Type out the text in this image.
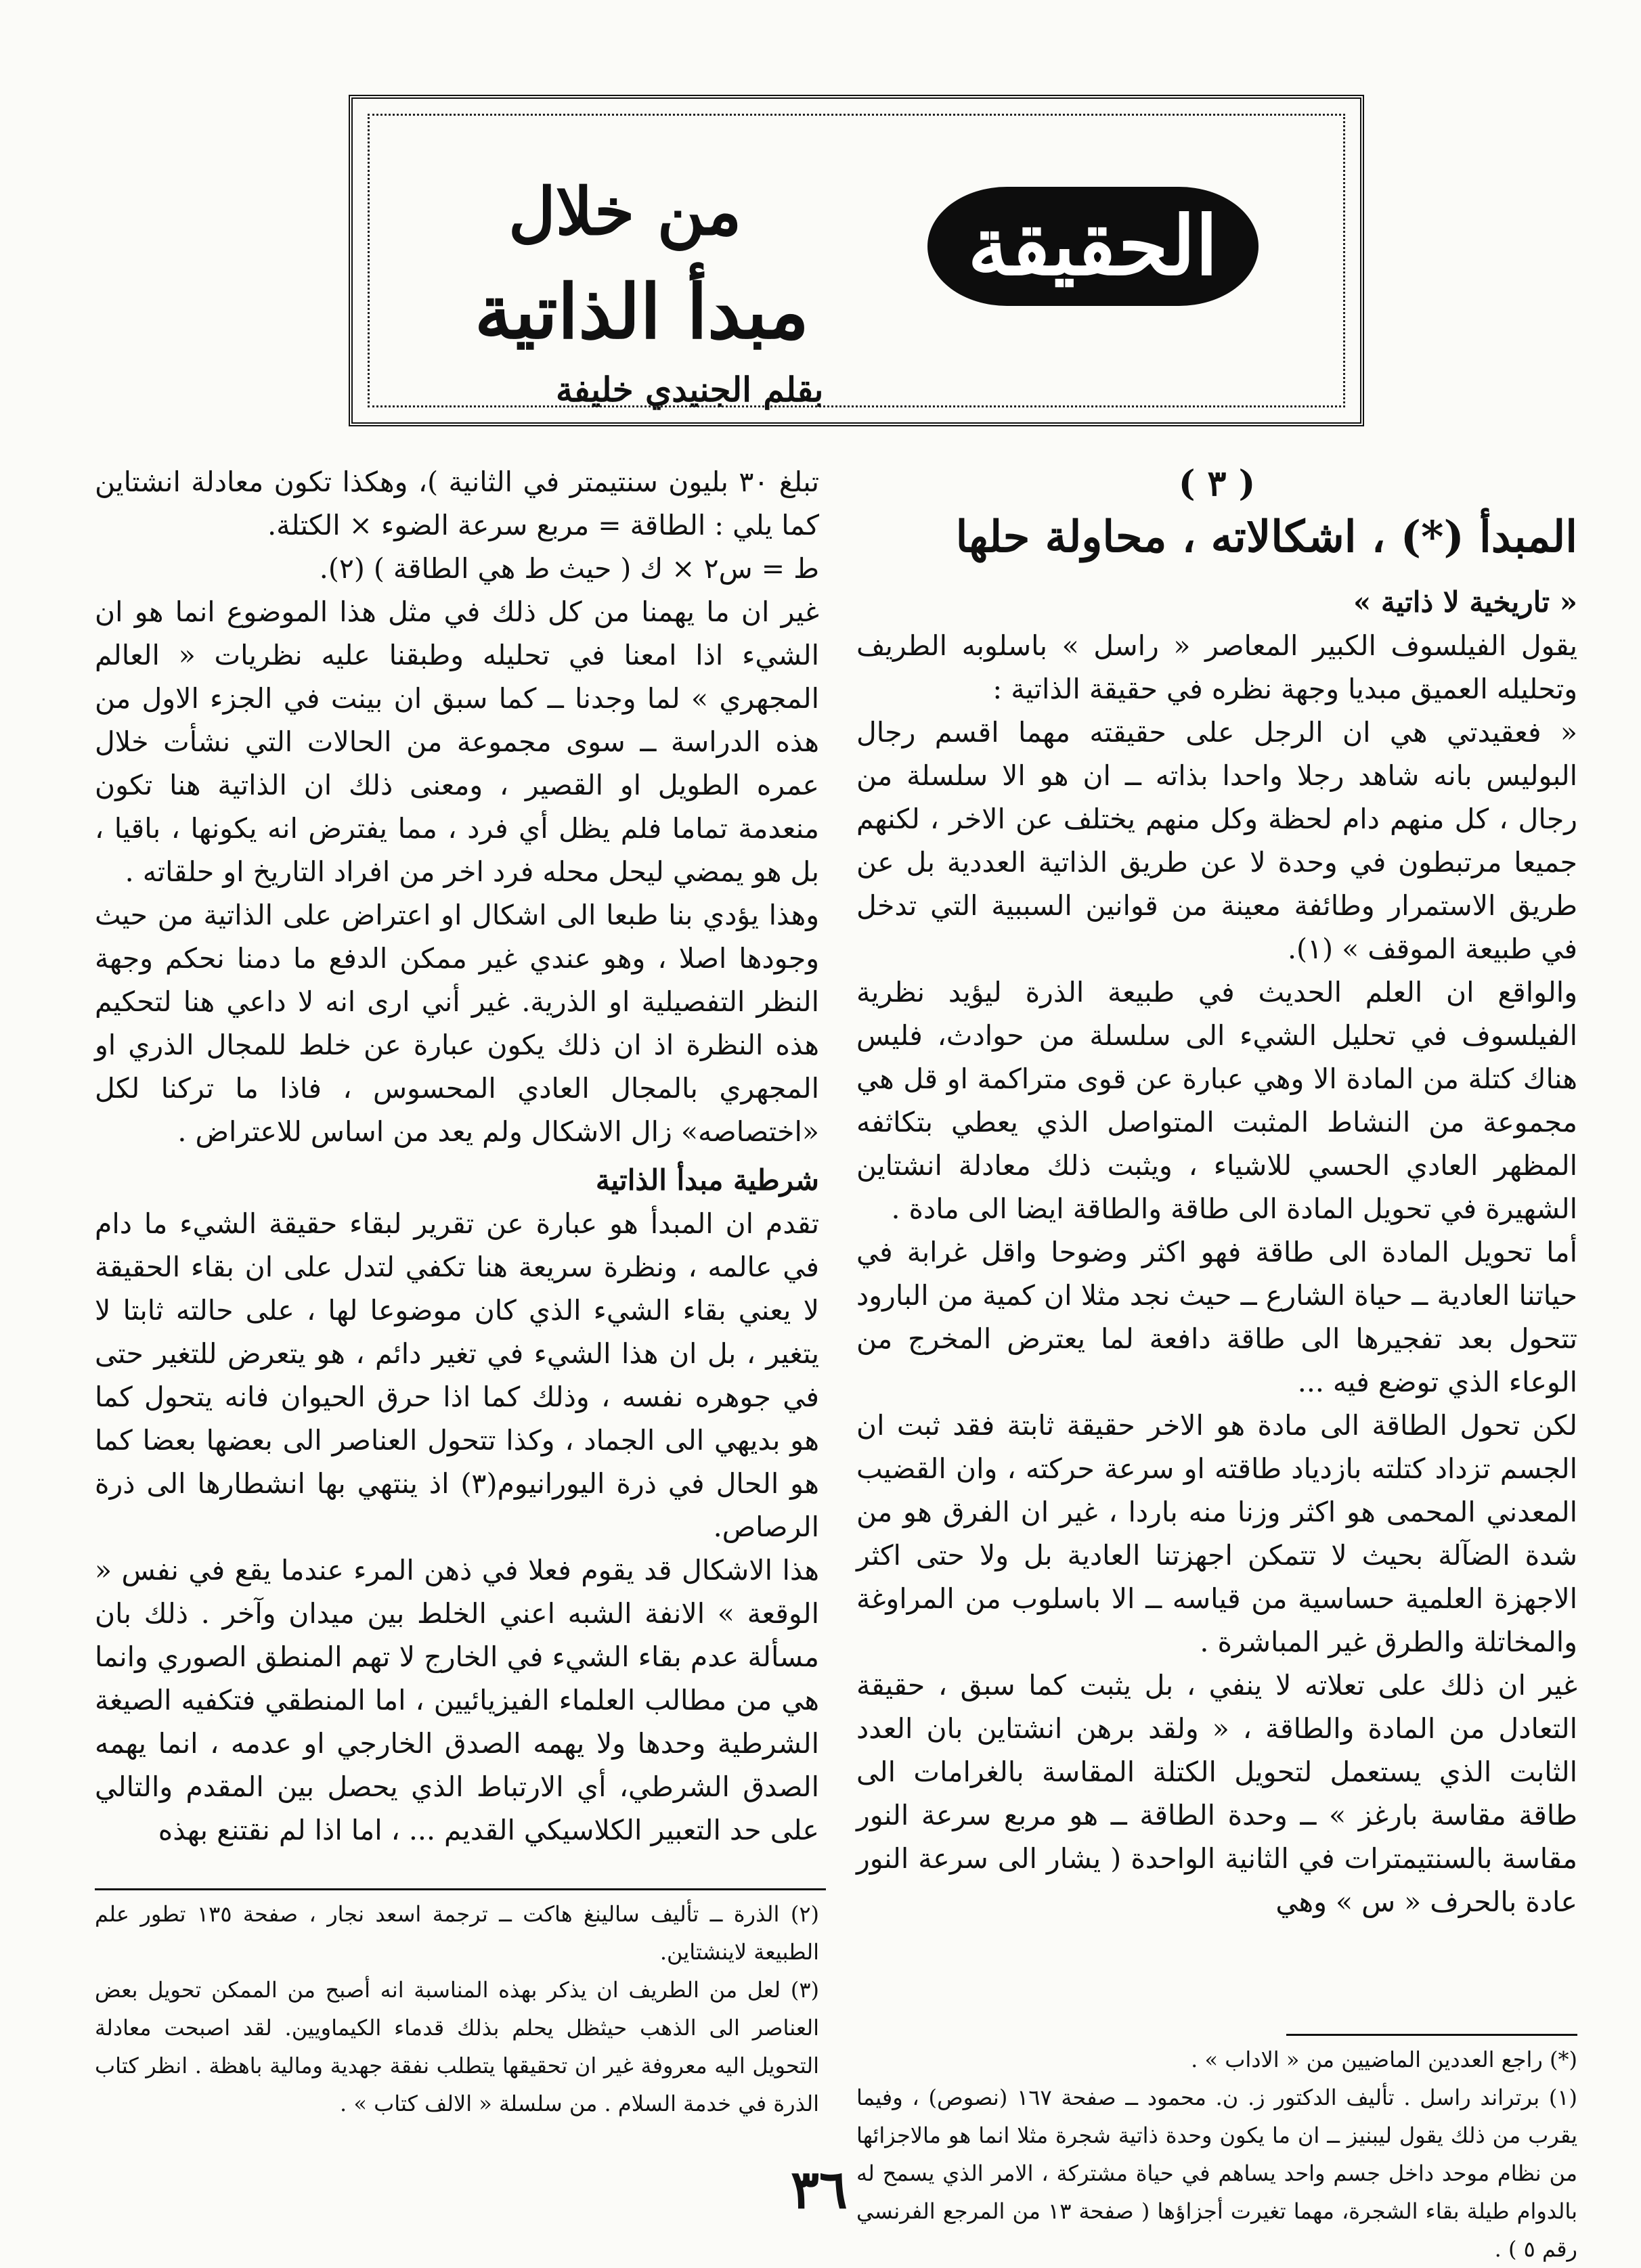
الحقيقة
من خلال
مبدأ الذاتية
بقلم الجنيدي خليفة
( ٣ )
المبدأ (*) ، اشكالاته ، محاولة حلها
« تاريخية لا ذاتية »

يقول الفيلسوف الكبير المعاصر « راسل » باسلوبه الطريف وتحليله العميق مبديا وجهة نظره في حقيقة الذاتية :

« فعقيدتي هي ان الرجل على حقيقته مهما اقسم رجال البوليس بانه شاهد رجلا واحدا بذاته ــ ان هو الا سلسلة من رجال ، كل منهم دام لحظة وكل منهم يختلف عن الاخر ، لكنهم جميعا مرتبطون في وحدة لا عن طريق الذاتية العددية بل عن طريق الاستمرار وطائفة معينة من قوانين السببية التي تدخل في طبيعة الموقف » (١).

والواقع ان العلم الحديث في طبيعة الذرة ليؤيد نظرية الفيلسوف في تحليل الشيء الى سلسلة من حوادث، فليس هناك كتلة من المادة الا وهي عبارة عن قوى متراكمة او قل هي مجموعة من النشاط المثبت المتواصل الذي يعطي بتكاثفه المظهر العادي الحسي للاشياء ، ويثبت ذلك معادلة انشتاين الشهيرة في تحويل المادة الى طاقة والطاقة ايضا الى مادة .

أما تحويل المادة الى طاقة فهو اكثر وضوحا واقل غرابة في حياتنا العادية ــ حياة الشارع ــ حيث نجد مثلا ان كمية من البارود تتحول بعد تفجيرها الى طاقة دافعة لما يعترض المخرج من الوعاء الذي توضع فيه ...

لكن تحول الطاقة الى مادة هو الاخر حقيقة ثابتة فقد ثبت ان الجسم تزداد كتلته بازدياد طاقته او سرعة حركته ، وان القضيب المعدني المحمى هو اكثر وزنا منه باردا ، غير ان الفرق هو من شدة الضآلة بحيث لا تتمكن اجهزتنا العادية بل ولا حتى اكثر الاجهزة العلمية حساسية من قياسه ــ الا باسلوب من المراوغة والمخاتلة والطرق غير المباشرة .

غير ان ذلك على تعلاته لا ينفي ، بل يثبت كما سبق ، حقيقة التعادل من المادة والطاقة ، « ولقد برهن انشتاين بان العدد الثابت الذي يستعمل لتحويل الكتلة المقاسة بالغرامات الى طاقة مقاسة بارغز » ــ وحدة الطاقة ــ هو مربع سرعة النور مقاسة بالسنتيمترات في الثانية الواحدة ( يشار الى سرعة النور عادة بالحرف « س » وهي

تبلغ ٣٠ بليون سنتيمتر في الثانية )، وهكذا تكون معادلة انشتاين كما يلي : الطاقة = مربع سرعة الضوء × الكتلة.

ط = س٢ × ك ( حيث ط هي الطاقة ) (٢).

غير ان ما يهمنا من كل ذلك في مثل هذا الموضوع انما هو ان الشيء اذا امعنا في تحليله وطبقنا عليه نظريات « العالم المجهري » لما وجدنا ــ كما سبق ان بينت في الجزء الاول من هذه الدراسة ــ سوى مجموعة من الحالات التي نشأت خلال عمره الطويل او القصير ، ومعنى ذلك ان الذاتية هنا تكون منعدمة تماما فلم يظل أي فرد ، مما يفترض انه يكونها ، باقيا ، بل هو يمضي ليحل محله فرد اخر من افراد التاريخ او حلقاته .

وهذا يؤدي بنا طبعا الى اشكال او اعتراض على الذاتية من حيث وجودها اصلا ، وهو عندي غير ممكن الدفع ما دمنا نحكم وجهة النظر التفصيلية او الذرية. غير أني ارى انه لا داعي هنا لتحكيم هذه النظرة اذ ان ذلك يكون عبارة عن خلط للمجال الذري او المجهري بالمجال العادي المحسوس ، فاذا ما تركنا لكل «اختصاصه» زال الاشكال ولم يعد من اساس للاعتراض .

شرطية مبدأ الذاتية

تقدم ان المبدأ هو عبارة عن تقرير لبقاء حقيقة الشيء ما دام في عالمه ، ونظرة سريعة هنا تكفي لتدل على ان بقاء الحقيقة لا يعني بقاء الشيء الذي كان موضوعا لها ، على حالته ثابتا لا يتغير ، بل ان هذا الشيء في تغير دائم ، هو يتعرض للتغير حتى في جوهره نفسه ، وذلك كما اذا حرق الحيوان فانه يتحول كما هو بديهي الى الجماد ، وكذا تتحول العناصر الى بعضها بعضا كما هو الحال في ذرة اليورانيوم(٣) اذ ينتهي بها انشطارها الى ذرة الرصاص.

هذا الاشكال قد يقوم فعلا في ذهن المرء عندما يقع في نفس « الوقعة » الانفة الشبه اعني الخلط بين ميدان وآخر . ذلك بان مسألة عدم بقاء الشيء في الخارج لا تهم المنطق الصوري وانما هي من مطالب العلماء الفيزيائيين ، اما المنطقي فتكفيه الصيغة الشرطية وحدها ولا يهمه الصدق الخارجي او عدمه ، انما يهمه الصدق الشرطي، أي الارتباط الذي يحصل بين المقدم والتالي على حد التعبير الكلاسيكي القديم ... ، اما اذا لم نقتنع بهذه

(٢) الذرة ــ تأليف سالينغ هاكت ــ ترجمة اسعد نجار ، صفحة ١٣٥ تطور علم الطبيعة لاينشتاين.

(٣) لعل من الطريف ان يذكر بهذه المناسبة انه أصبح من الممكن تحويل بعض العناصر الى الذهب حيثظل يحلم بذلك قدماء الكيماويين. لقد اصبحت معادلة التحويل اليه معروفة غير ان تحقيقها يتطلب نفقة جهدية ومالية باهظة . انظر كتاب الذرة في خدمة السلام . من سلسلة « الالف كتاب » .

(*) راجع العددين الماضيين من « الاداب » .

(١) برتراند راسل . تأليف الدكتور ز. ن. محمود ــ صفحة ١٦٧ (نصوص) ، وفيما يقرب من ذلك يقول ليبنيز ــ ان ما يكون وحدة ذاتية شجرة مثلا انما هو مالاجزائها من نظام موحد داخل جسم واحد يساهم في حياة مشتركة ، الامر الذي يسمح له بالدوام طيلة بقاء الشجرة، مهما تغيرت أجزاؤها ( صفحة ١٣ من المرجع الفرنسي رقم ٥ ) .

٣٦
